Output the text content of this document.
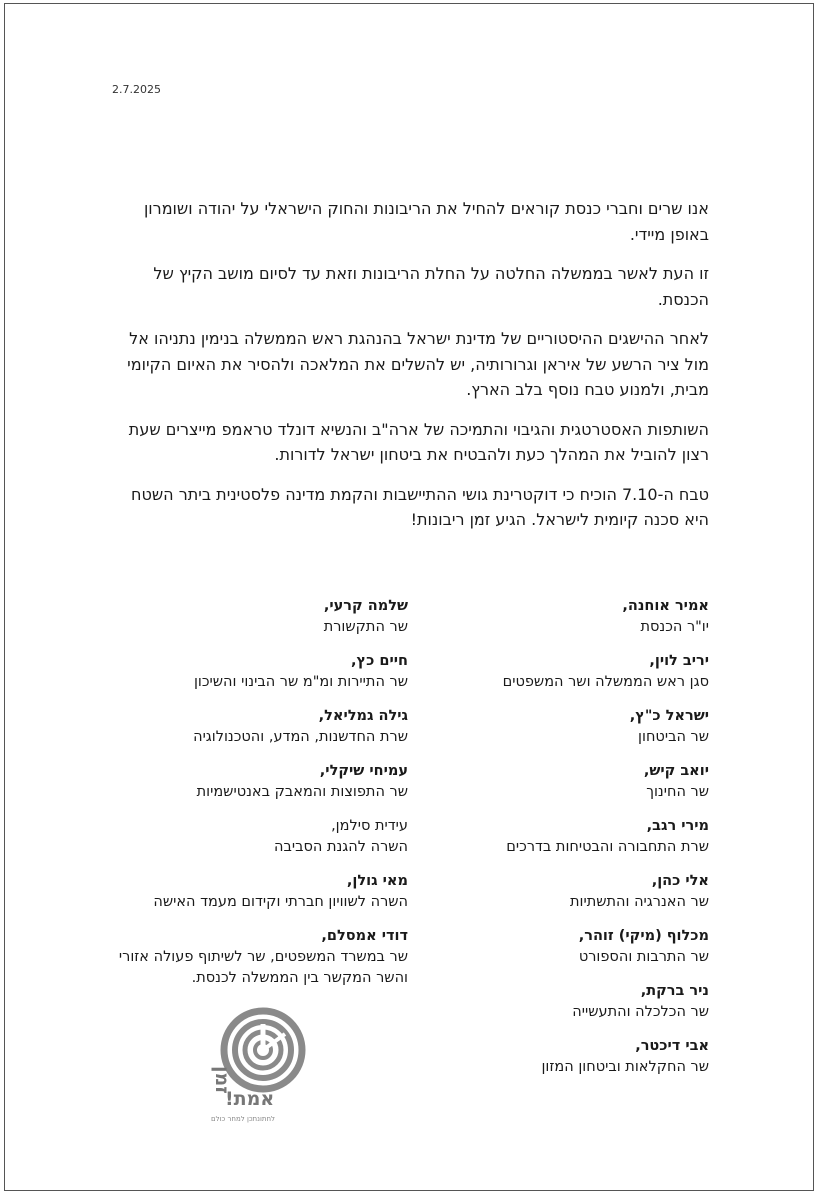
2.7.2025

אנו שרים וחברי כנסת קוראים להחיל את הריבונות והחוק הישראלי על יהודה ושומרון באופן מיידי.

זו העת לאשר בממשלה החלטה על החלת הריבונות וזאת עד לסיום מושב הקיץ של הכנסת.

לאחר ההישגים ההיסטוריים של מדינת ישראל בהנהגת ראש הממשלה בנימין נתניהו אל מול ציר הרשע של איראן וגרורותיה, יש להשלים את המלאכה ולהסיר את האיום הקיומי מבית, ולמנוע טבח נוסף בלב הארץ.

השותפות האסטרטגית והגיבוי והתמיכה של ארה"ב והנשיא דונלד טראמפ מייצרים שעת רצון להוביל את המהלך כעת ולהבטיח את ביטחון ישראל לדורות.

טבח ה‑7.10 הוכיח כי דוקטרינת גושי ההתיישבות והקמת מדינה פלסטינית ביתר השטח היא סכנה קיומית לישראל. הגיע זמן ריבונות!

אמיר אוחנה,
יו"ר הכנסת
יריב לוין,
סגן ראש הממשלה ושר המשפטים
ישראל כ"ץ,
שר הביטחון
יואב קיש,
שר החינוך
מירי רגב,
שרת התחבורה והבטיחות בדרכים
אלי כהן,
שר האנרגיה והתשתיות
מכלוף (מיקי) זוהר,
שר התרבות והספורט
ניר ברקת,
שר הכלכלה והתעשייה
אבי דיכטר,
שר החקלאות וביטחון המזון
שלמה קרעי,
שר התקשורת
חיים כץ,
שר התיירות ומ"מ שר הבינוי והשיכון
גילה גמליאל,
שרת החדשנות, המדע, והטכנולוגיה
עמיחי שיקלי,
שר התפוצות והמאבק באנטישמיות
עידית סילמן,
השרה להגנת הסביבה
מאי גולן,
השרה לשוויון חברתי וקידום מעמד האישה
דודי אמסלם,
שר במשרד המשפטים, שר לשיתוף פעולה אזורי והשר המקשר בין הממשלה לכנסת.
זמן
אמת!
לחתונתכן למחר כולם
